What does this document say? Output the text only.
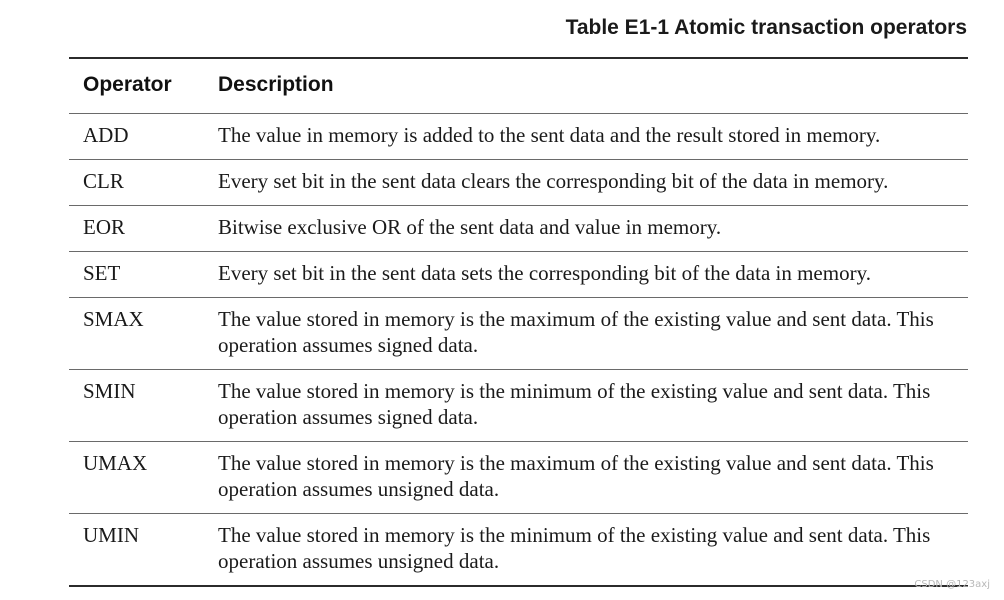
Table E1-1 Atomic transaction operators
Operator Description
ADD	The value in memory is added to the sent data and the result stored in memory.
CLR	Every set bit in the sent data clears the corresponding bit of the data in memory.
EOR	Bitwise exclusive OR of the sent data and value in memory.
SET	Every set bit in the sent data sets the corresponding bit of the data in memory.
SMAX	The value stored in memory is the maximum of the existing value and sent data. This operation assumes signed data.
SMIN	The value stored in memory is the minimum of the existing value and sent data. This operation assumes signed data.
UMAX	The value stored in memory is the maximum of the existing value and sent data. This operation assumes unsigned data.
UMIN	The value stored in memory is the minimum of the existing value and sent data. This operation assumes unsigned data.
CSDN @123axj
